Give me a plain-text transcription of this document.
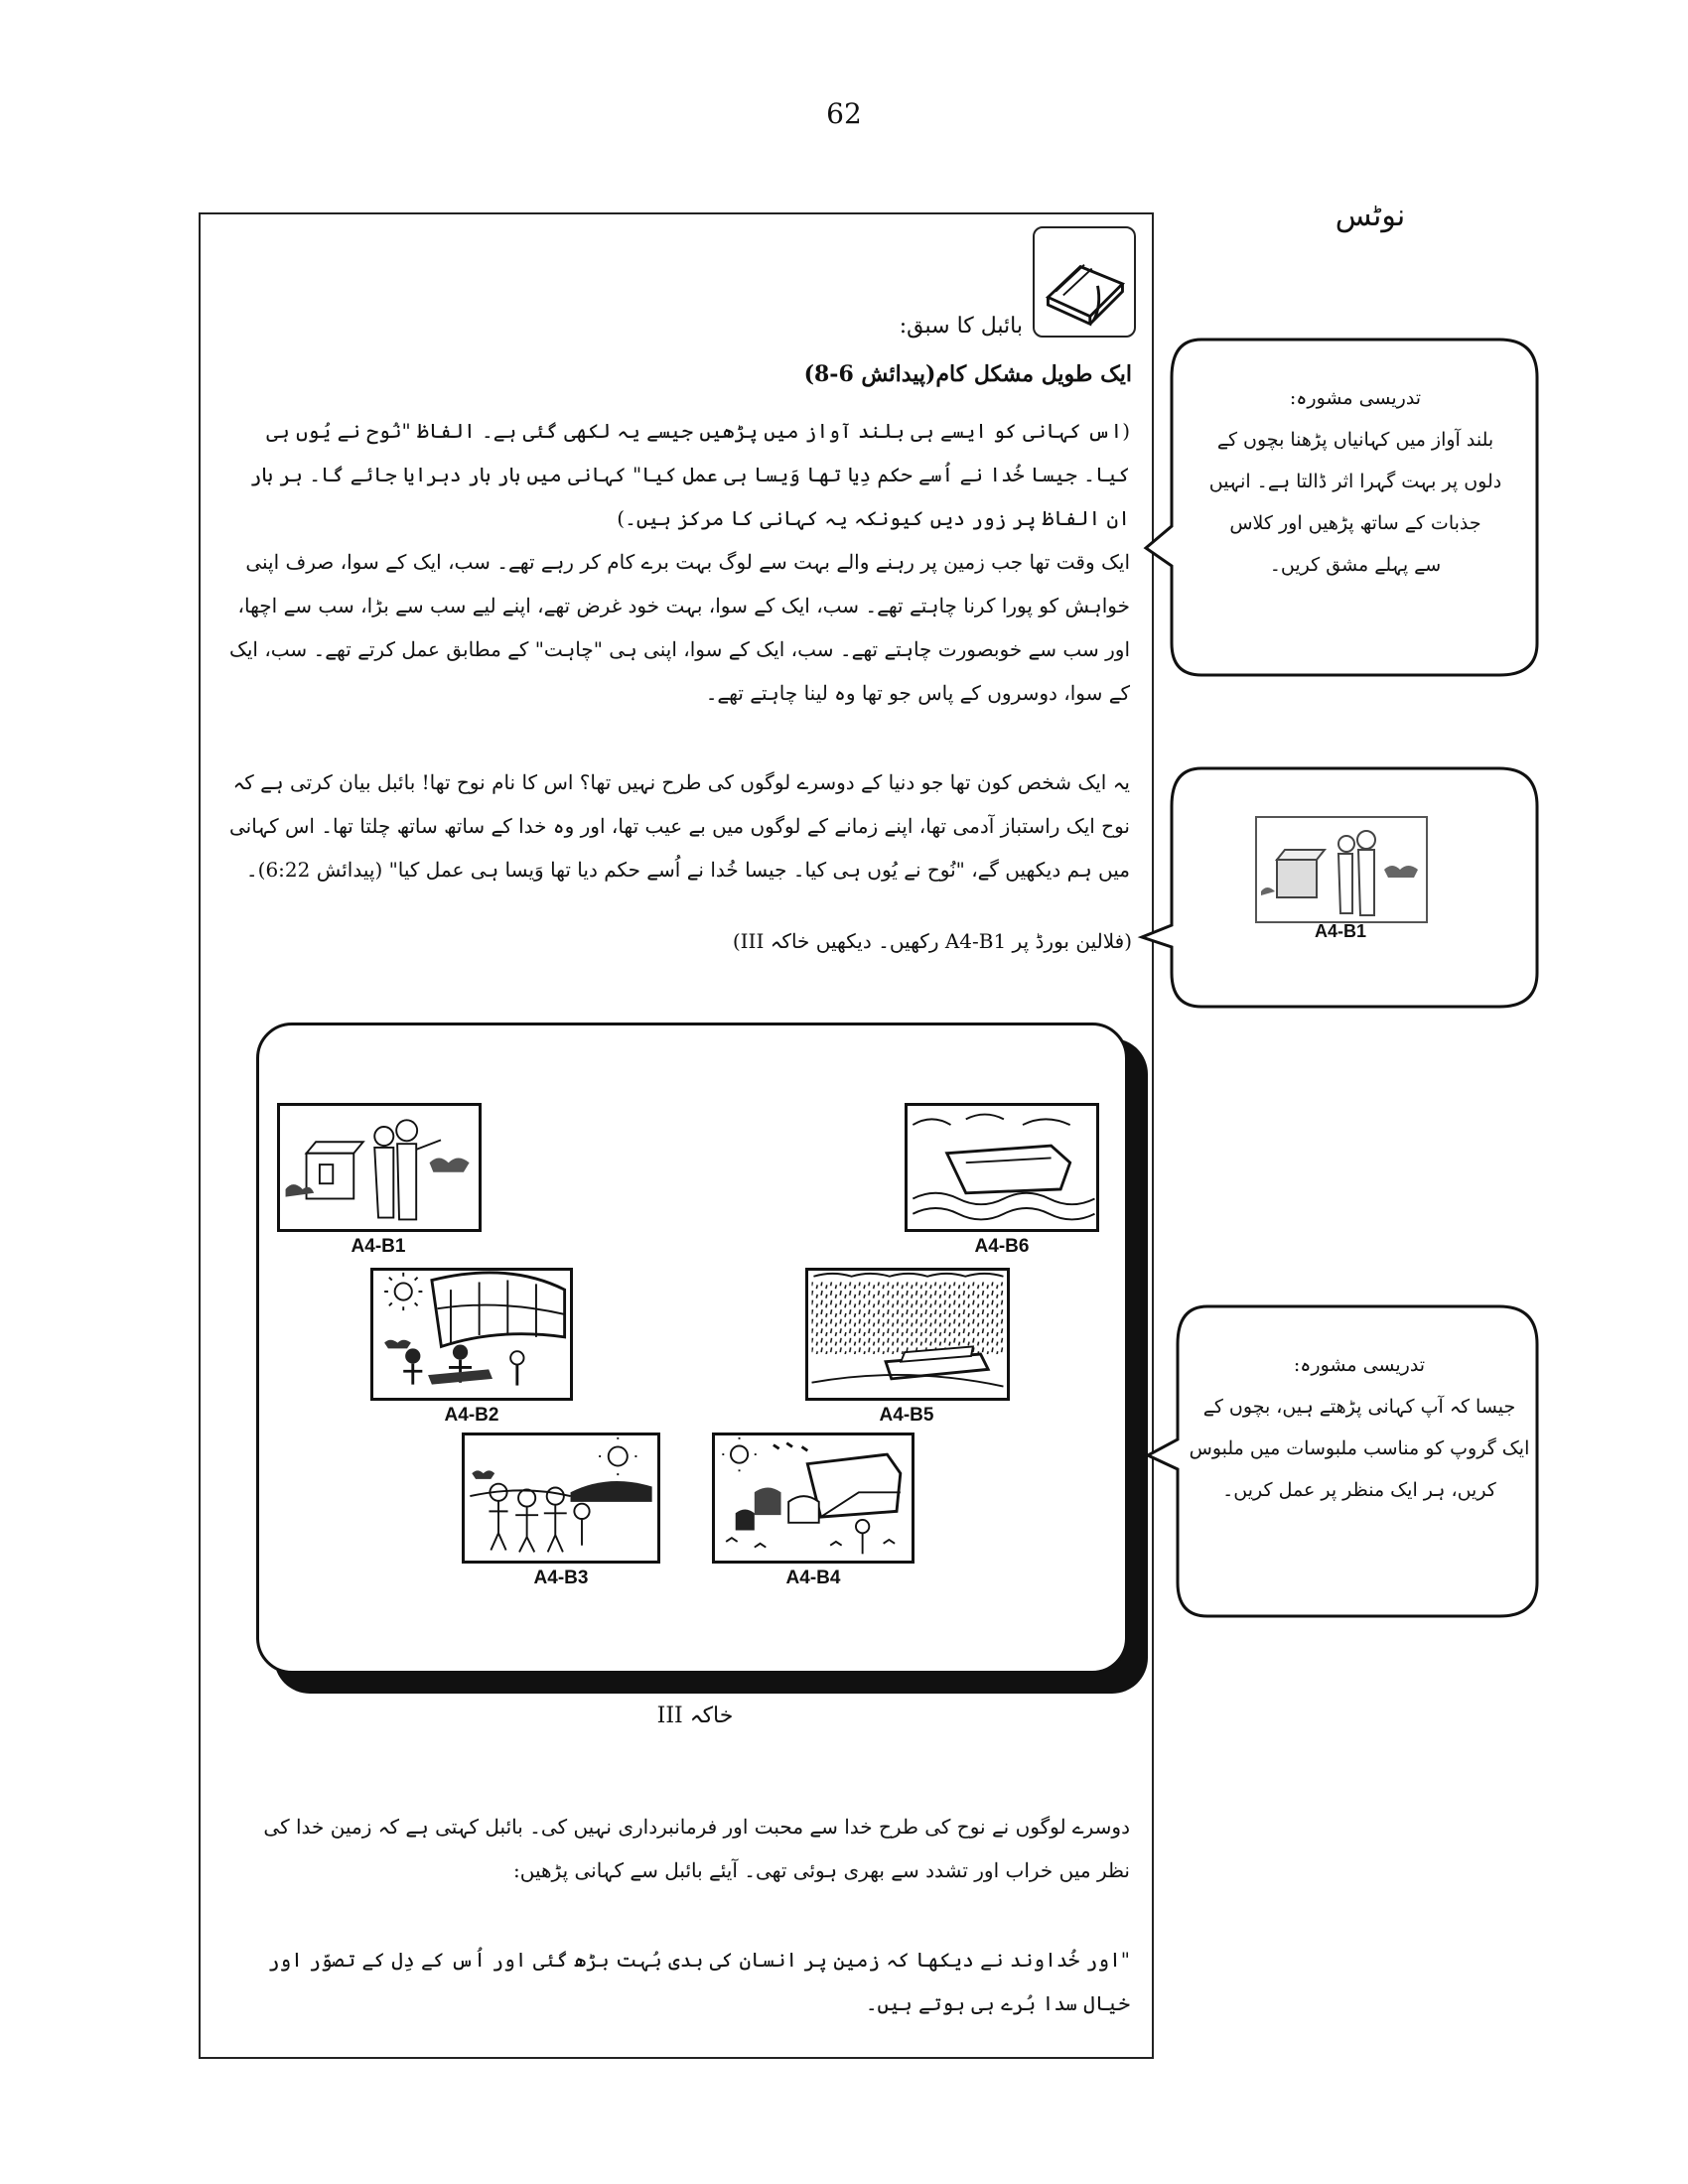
62
نوٹس
بائبل کا سبق:
ایک طویل مشکل کام(پیدائش 6-8)
(اس کہانی کو ایسے ہی بلند آواز میں پڑھیں جیسے یہ لکھی گئی ہے۔ الفاظ "نُوح نے یُوں ہی کیا۔ جیسا خُدا نے اُسے حکم دِیا تھا وَیسا ہی عمل کیا" کہانی میں بار بار دہرایا جائے گا۔ ہر بار ان الفاظ پر زور دیں کیونکہ یہ کہانی کا مرکز ہیں۔)
ایک وقت تھا جب زمین پر رہنے والے بہت سے لوگ بہت برے کام کر رہے تھے۔ سب، ایک کے سوا، صرف اپنی خواہش کو پورا کرنا چاہتے تھے۔ سب، ایک کے سوا، بہت خود غرض تھے، اپنے لیے سب سے بڑا، سب سے اچھا، اور سب سے خوبصورت چاہتے تھے۔ سب، ایک کے سوا، اپنی ہی "چاہت" کے مطابق عمل کرتے تھے۔ سب، ایک کے سوا، دوسروں کے پاس جو تھا وہ لینا چاہتے تھے۔
یہ ایک شخص کون تھا جو دنیا کے دوسرے لوگوں کی طرح نہیں تھا؟ اس کا نام نوح تھا! بائبل بیان کرتی ہے کہ نوح ایک راستباز آدمی تھا، اپنے زمانے کے لوگوں میں بے عیب تھا، اور وہ خدا کے ساتھ ساتھ چلتا تھا۔ اس کہانی میں ہم دیکھیں گے، "نُوح نے یُوں ہی کیا۔ جیسا خُدا نے اُسے حکم دیا تھا وَیسا ہی عمل کیا" (پیدائش 6:22)۔
(فلالین بورڈ پر A4-B1 رکھیں۔ دیکھیں خاکہ III)
A4-B1	A4-B6
A4-B2	A4-B5
A4-B3	A4-B4
خاکہ III
دوسرے لوگوں نے نوح کی طرح خدا سے محبت اور فرمانبرداری نہیں کی۔ بائبل کہتی ہے کہ زمین خدا کی نظر میں خراب اور تشدد سے بھری ہوئی تھی۔ آیئے بائبل سے کہانی پڑھیں:
"اور خُداوند نے دیکھا کہ زمین پر انسان کی بدی بُہت بڑھ گئی اور اُس کے دِل کے تصوّر اور خیال سدا بُرے ہی ہوتے ہیں۔
تدریسی مشورہ:
بلند آواز میں کہانیاں پڑھنا بچوں کے
دلوں پر بہت گہرا اثر ڈالتا ہے۔ انہیں
جذبات کے ساتھ پڑھیں اور کلاس
سے پہلے مشق کریں۔
A4-B1
تدریسی مشورہ:
جیسا کہ آپ کہانی پڑھتے ہیں، بچوں کے
ایک گروپ کو مناسب ملبوسات میں ملبوس
کریں، ہر ایک منظر پر عمل کریں۔
